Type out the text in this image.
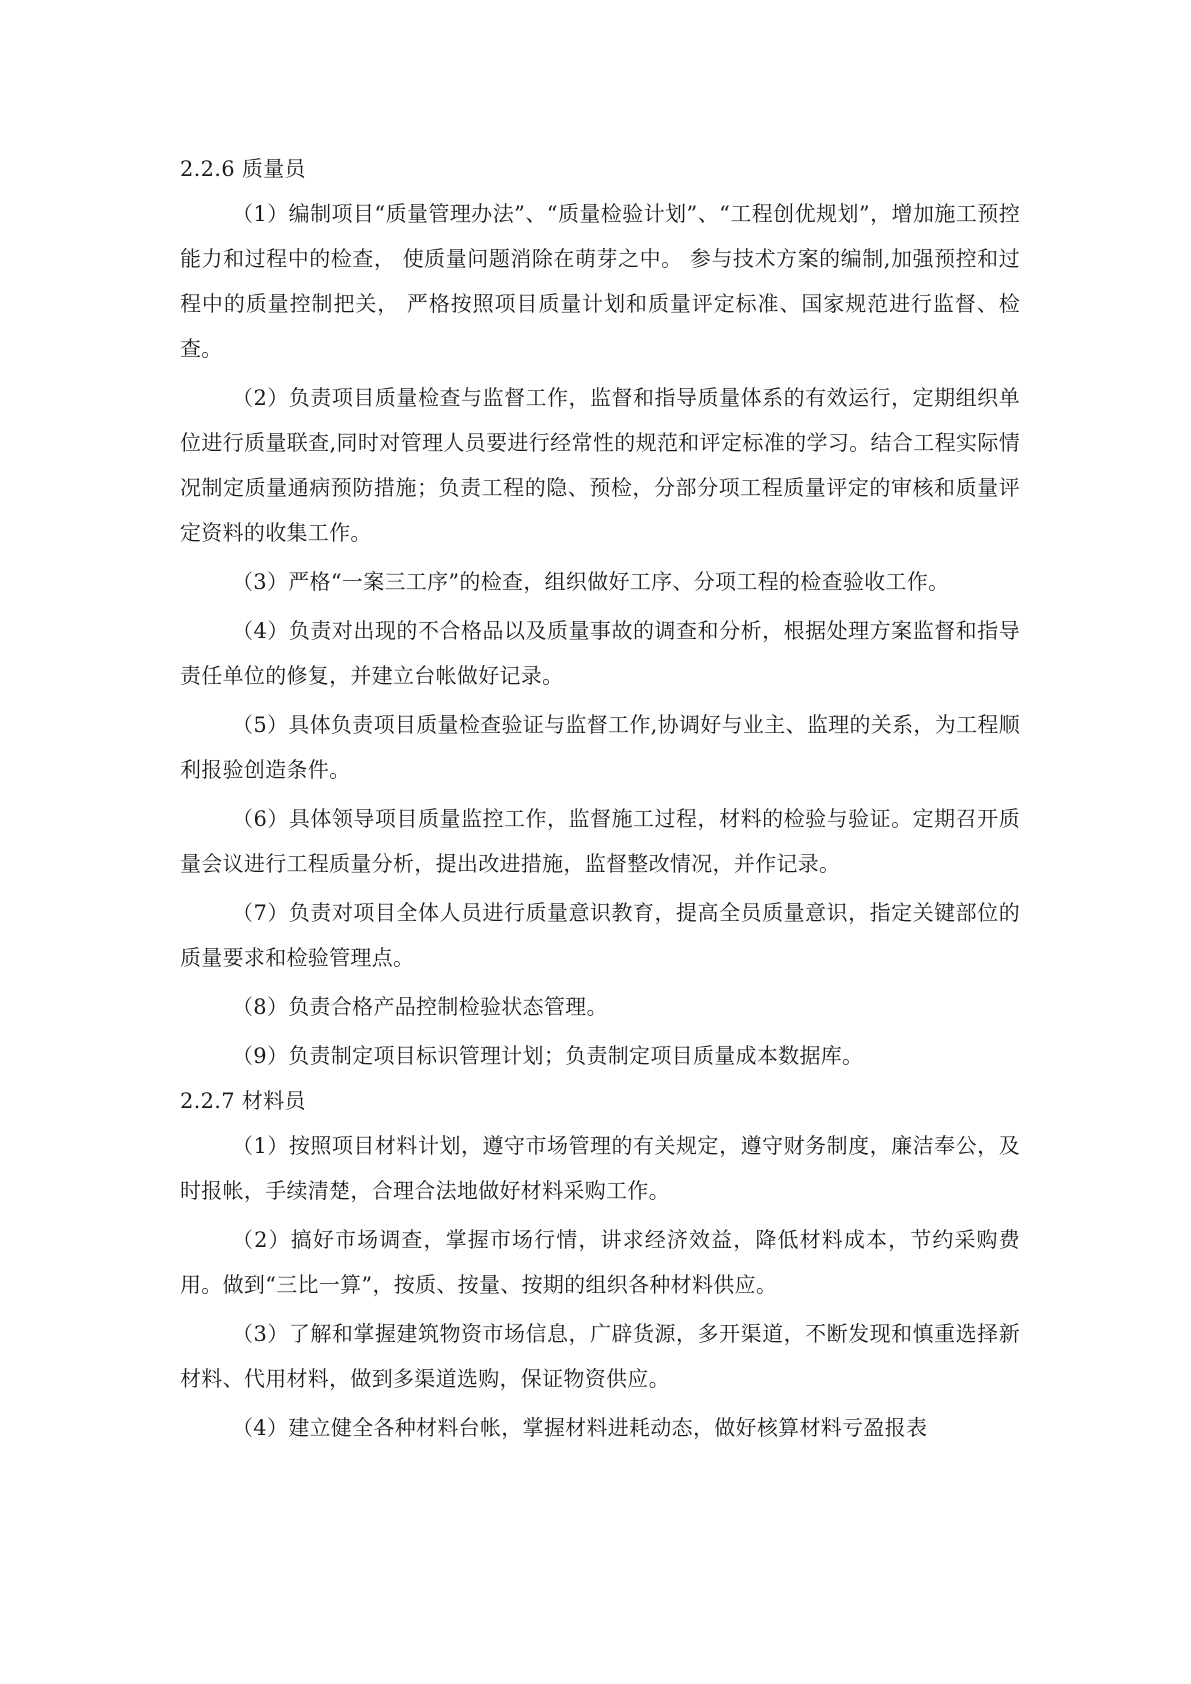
2.2.6 质量员

（1）编制项目“质量管理办法”、“质量检验计划”、“工程创优规划”，增加施工预控能力和过程中的检查， 使质量问题消除在萌芽之中。 参与技术方案的编制,加强预控和过程中的质量控制把关， 严格按照项目质量计划和质量评定标准、国家规范进行监督、检查。

（2）负责项目质量检查与监督工作，监督和指导质量体系的有效运行，定期组织单位进行质量联查,同时对管理人员要进行经常性的规范和评定标准的学习。结合工程实际情况制定质量通病预防措施；负责工程的隐、预检，分部分项工程质量评定的审核和质量评定资料的收集工作。

（3）严格“一案三工序”的检查，组织做好工序、分项工程的检查验收工作。

（4）负责对出现的不合格品以及质量事故的调查和分析，根据处理方案监督和指导责任单位的修复，并建立台帐做好记录。

（5）具体负责项目质量检查验证与监督工作,协调好与业主、监理的关系，为工程顺利报验创造条件。

（6）具体领导项目质量监控工作，监督施工过程，材料的检验与验证。定期召开质量会议进行工程质量分析，提出改进措施，监督整改情况，并作记录。

（7）负责对项目全体人员进行质量意识教育，提高全员质量意识，指定关键部位的质量要求和检验管理点。

（8）负责合格产品控制检验状态管理。

（9）负责制定项目标识管理计划；负责制定项目质量成本数据库。

2.2.7 材料员

（1）按照项目材料计划，遵守市场管理的有关规定，遵守财务制度，廉洁奉公，及时报帐，手续清楚，合理合法地做好材料采购工作。

（2）搞好市场调查，掌握市场行情，讲求经济效益，降低材料成本，节约采购费用。做到“三比一算”，按质、按量、按期的组织各种材料供应。

（3）了解和掌握建筑物资市场信息，广辟货源，多开渠道，不断发现和慎重选择新材料、代用材料，做到多渠道选购，保证物资供应。

（4）建立健全各种材料台帐，掌握材料进耗动态，做好核算材料亏盈报表
